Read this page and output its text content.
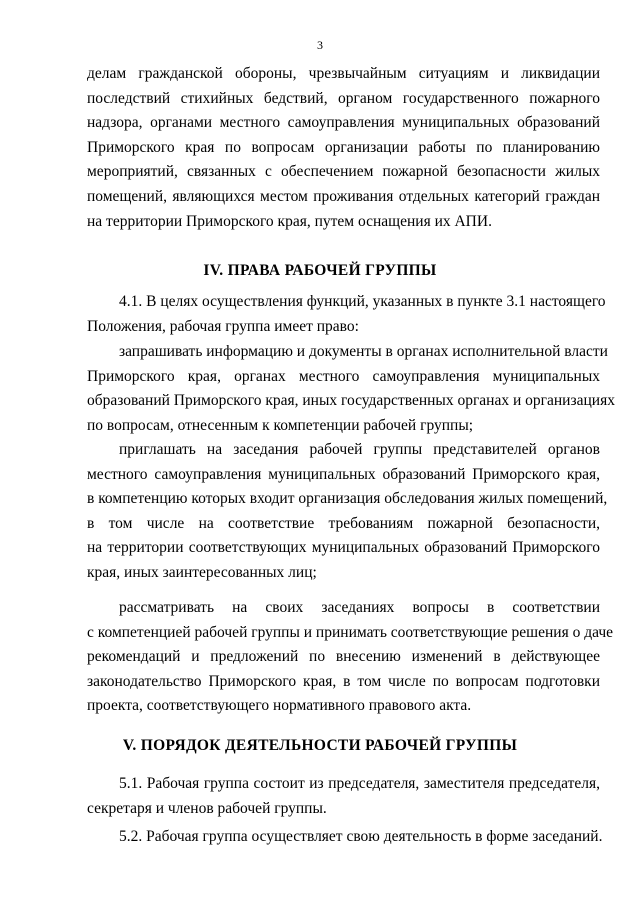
3
делам гражданской обороны, чрезвычайным ситуациям и ликвидации
последствий стихийных бедствий, органом государственного пожарного
надзора, органами местного самоуправления муниципальных образований
Приморского края по вопросам организации работы по планированию
мероприятий, связанных с обеспечением пожарной безопасности жилых
помещений, являющихся местом проживания отдельных категорий граждан
на территории Приморского края, путем оснащения их АПИ.
IV. ПРАВА РАБОЧЕЙ ГРУППЫ
4.1. В целях осуществления функций, указанных в пункте 3.1 настоящего
Положения, рабочая группа имеет право:
запрашивать информацию и документы в органах исполнительной власти
Приморского края, органах местного самоуправления муниципальных
образований Приморского края, иных государственных органах и организациях
по вопросам, отнесенным к компетенции рабочей группы;
приглашать на заседания рабочей группы представителей органов
местного самоуправления муниципальных образований Приморского края,
в компетенцию которых входит организация обследования жилых помещений,
в том числе на соответствие требованиям пожарной безопасности,
на территории соответствующих муниципальных образований Приморского
края, иных заинтересованных лиц;
рассматривать на своих заседаниях вопросы в соответствии
с компетенцией рабочей группы и принимать соответствующие решения о даче
рекомендаций и предложений по внесению изменений в действующее
законодательство Приморского края, в том числе по вопросам подготовки
проекта, соответствующего нормативного правового акта.
V. ПОРЯДОК ДЕЯТЕЛЬНОСТИ РАБОЧЕЙ ГРУППЫ
5.1. Рабочая группа состоит из председателя, заместителя председателя,
секретаря и членов рабочей группы.
5.2. Рабочая группа осуществляет свою деятельность в форме заседаний.
